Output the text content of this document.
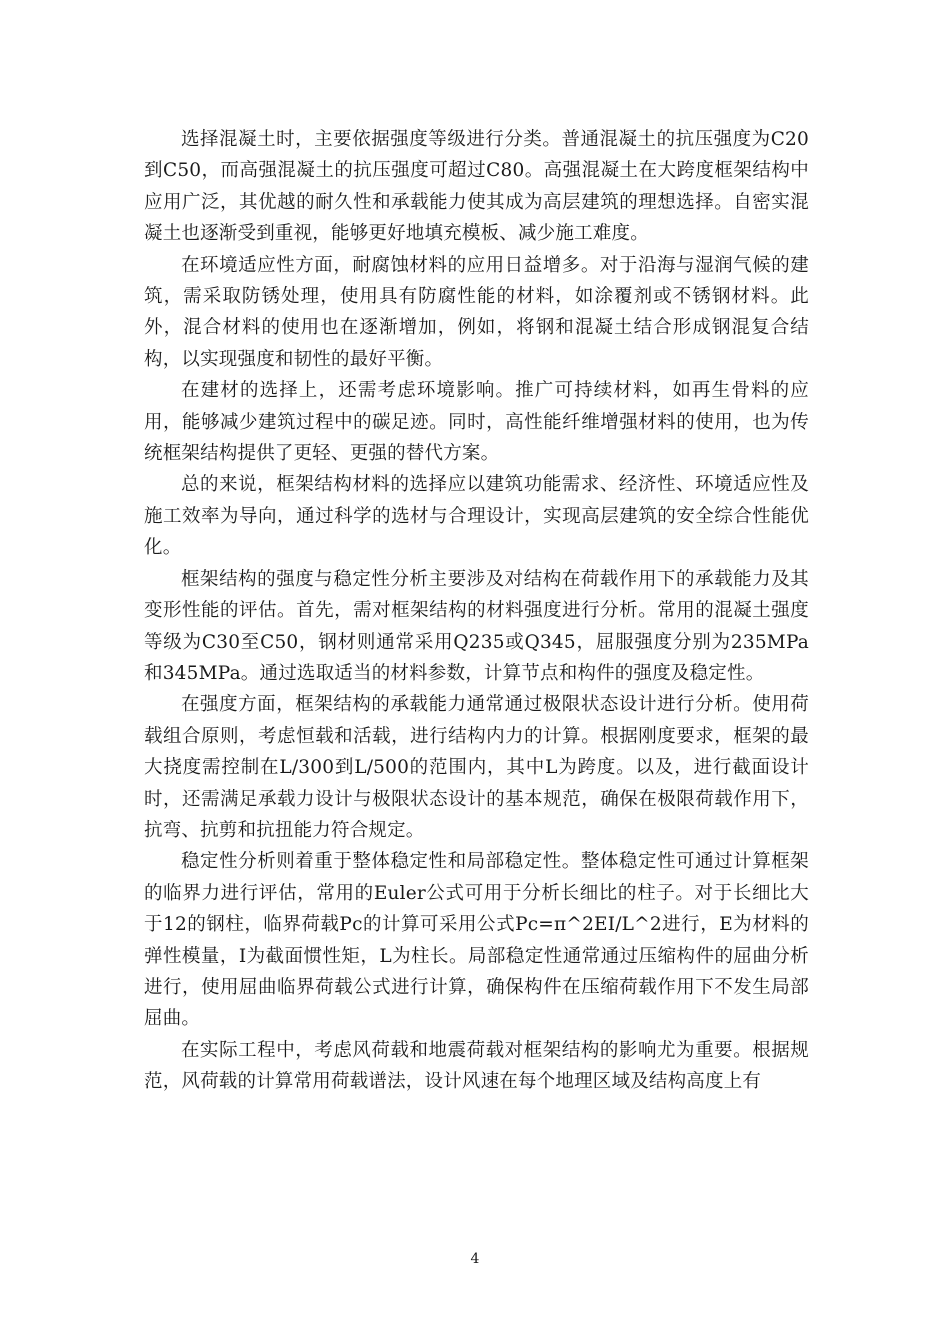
选择混凝土时，主要依据强度等级进行分类。普通混凝土的抗压强度为C20到C50，而高强混凝土的抗压强度可超过C80。高强混凝土在大跨度框架结构中应用广泛，其优越的耐久性和承载能力使其成为高层建筑的理想选择。自密实混凝土也逐渐受到重视，能够更好地填充模板、减少施工难度。

在环境适应性方面，耐腐蚀材料的应用日益增多。对于沿海与湿润气候的建筑，需采取防锈处理，使用具有防腐性能的材料，如涂覆剂或不锈钢材料。此外，混合材料的使用也在逐渐增加，例如，将钢和混凝土结合形成钢混复合结构，以实现强度和韧性的最好平衡。

在建材的选择上，还需考虑环境影响。推广可持续材料，如再生骨料的应用，能够减少建筑过程中的碳足迹。同时，高性能纤维增强材料的使用，也为传统框架结构提供了更轻、更强的替代方案。

总的来说，框架结构材料的选择应以建筑功能需求、经济性、环境适应性及施工效率为导向，通过科学的选材与合理设计，实现高层建筑的安全综合性能优化。

框架结构的强度与稳定性分析主要涉及对结构在荷载作用下的承载能力及其变形性能的评估。首先，需对框架结构的材料强度进行分析。常用的混凝土强度等级为C30至C50，钢材则通常采用Q235或Q345，屈服强度分别为235MPa和345MPa。通过选取适当的材料参数，计算节点和构件的强度及稳定性。

在强度方面，框架结构的承载能力通常通过极限状态设计进行分析。使用荷载组合原则，考虑恒载和活载，进行结构内力的计算。根据刚度要求，框架的最大挠度需控制在L/300到L/500的范围内，其中L为跨度。以及，进行截面设计时，还需满足承载力设计与极限状态设计的基本规范，确保在极限荷载作用下，抗弯、抗剪和抗扭能力符合规定。

稳定性分析则着重于整体稳定性和局部稳定性。整体稳定性可通过计算框架的临界力进行评估，常用的Euler公式可用于分析长细比的柱子。对于长细比大于12的钢柱，临界荷载Pc的计算可采用公式Pc=π^2EI/L^2进行，E为材料的弹性模量，I为截面惯性矩，L为柱长。局部稳定性通常通过压缩构件的屈曲分析进行，使用屈曲临界荷载公式进行计算，确保构件在压缩荷载作用下不发生局部屈曲。

在实际工程中，考虑风荷载和地震荷载对框架结构的影响尤为重要。根据规范，风荷载的计算常用荷载谱法，设计风速在每个地理区域及结构高度上有

4
